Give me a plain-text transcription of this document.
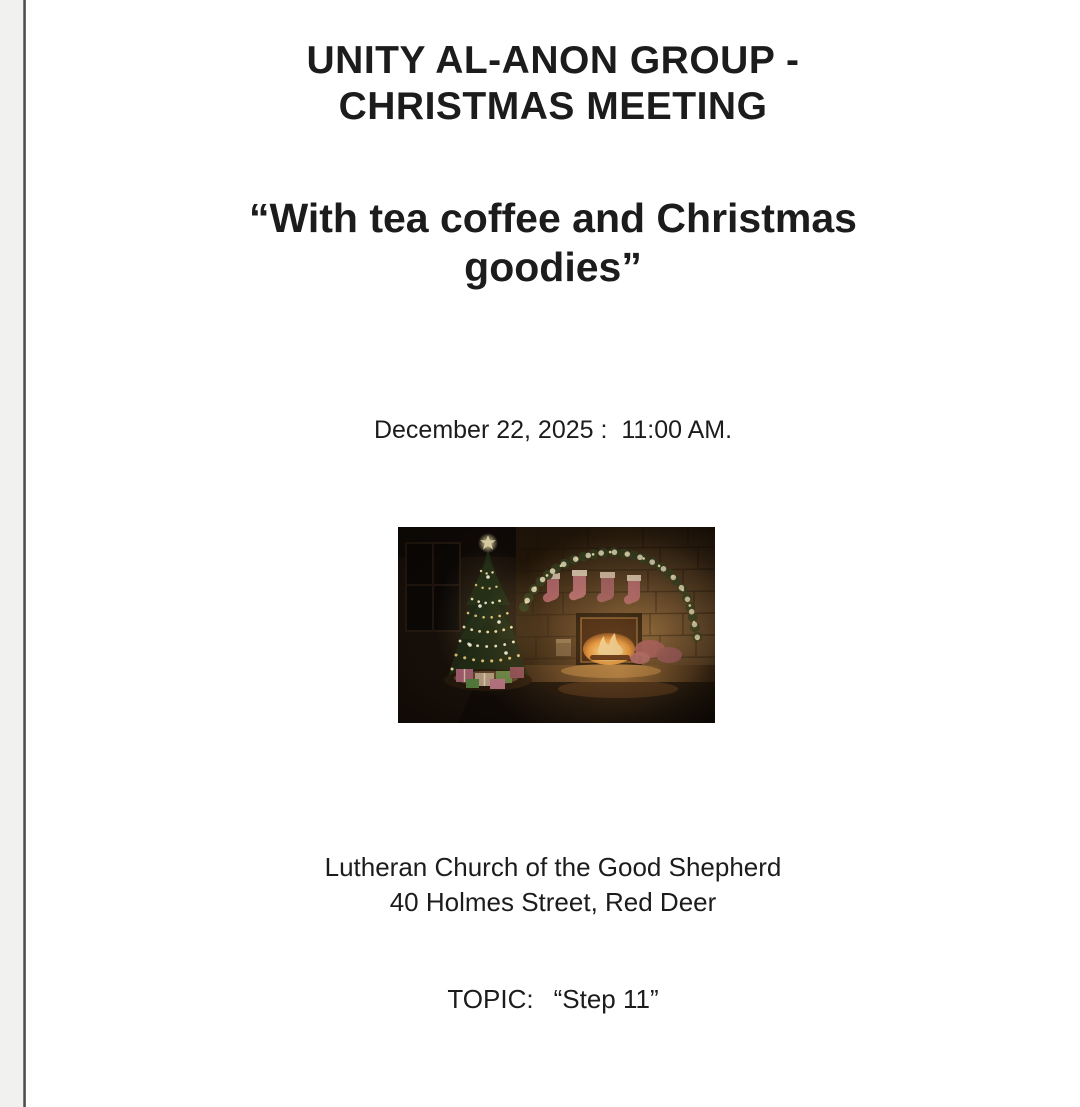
UNITY AL-ANON GROUP -
CHRISTMAS MEETING
“With tea coffee and Christmas
goodies”
December 22, 2025 :  11:00 AM.
Lutheran Church of the Good Shepherd
40 Holmes Street, Red Deer
TOPIC: “Step 11”
